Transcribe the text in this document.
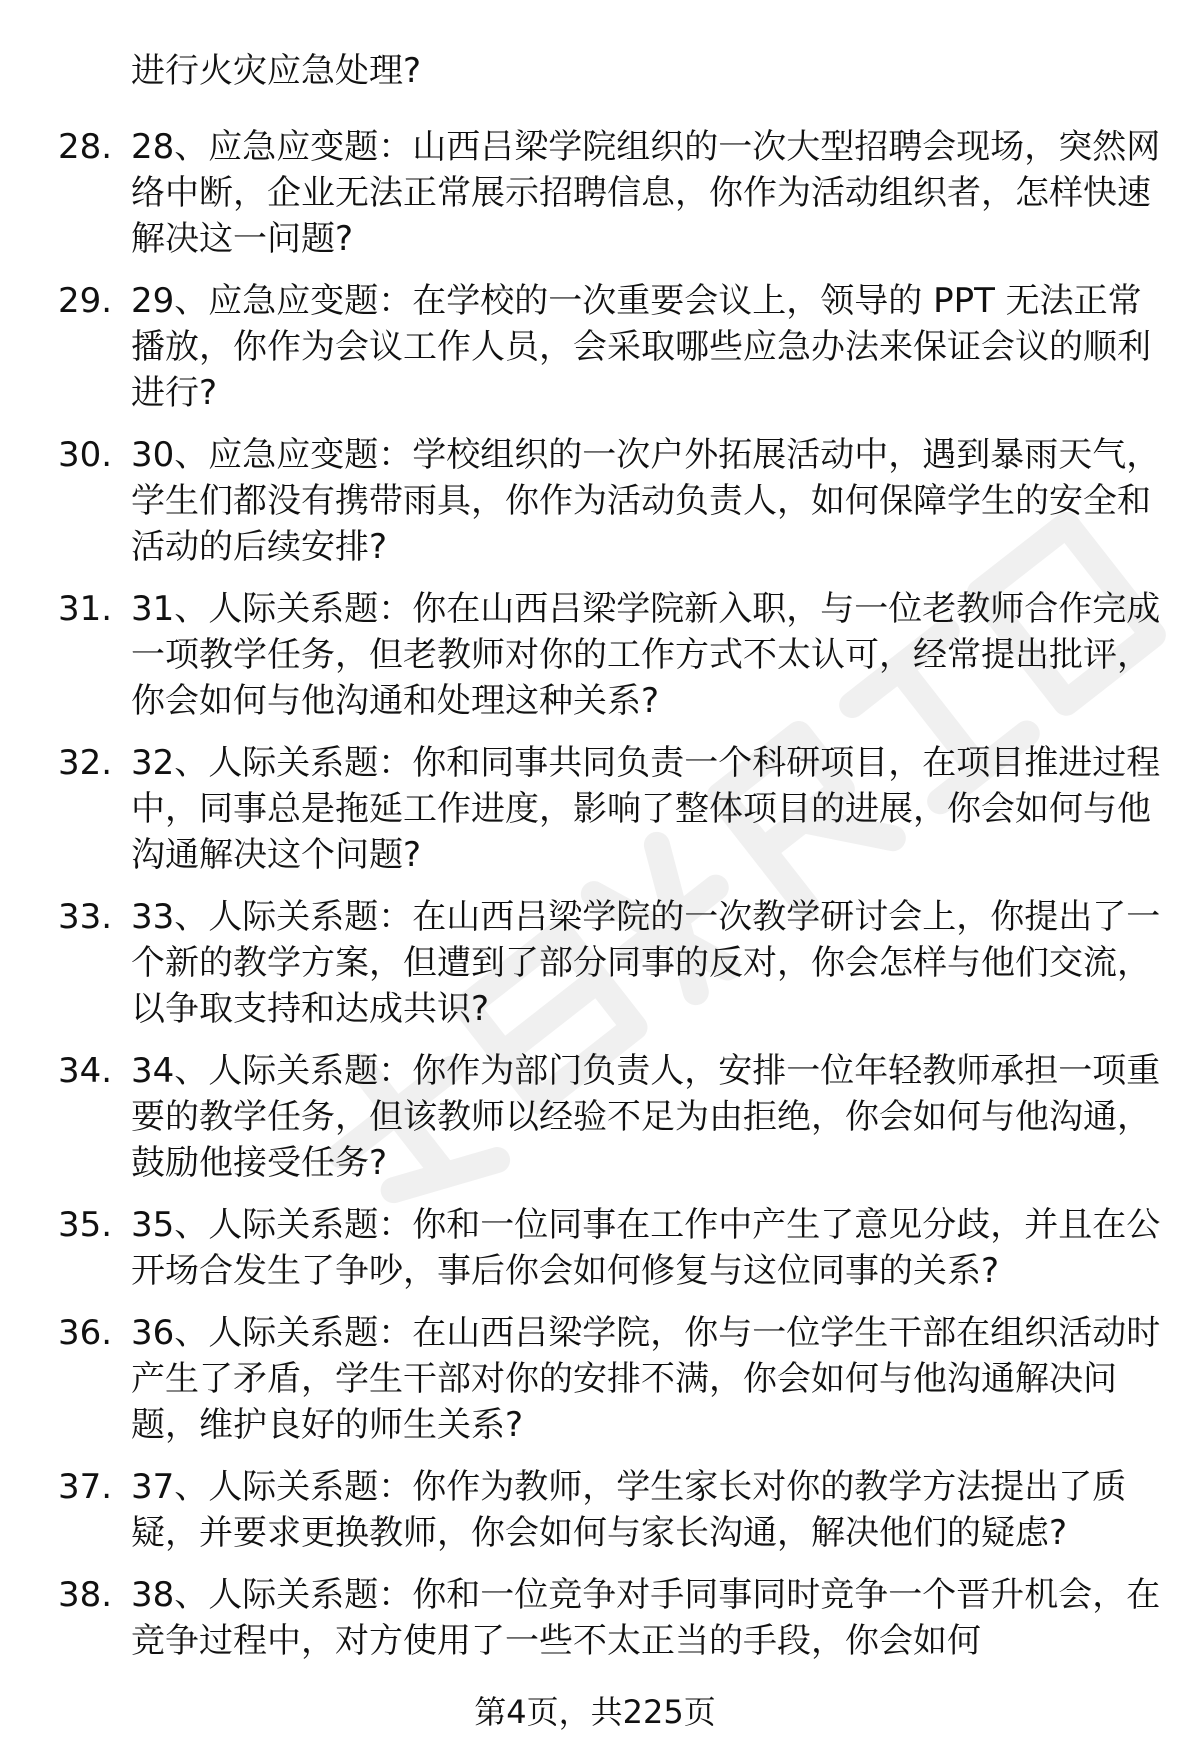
进行火灾应急处理?
28. 28、应急应变题：山西吕梁学院组织的一次大型招聘会现场，突然网络中断，企业无法正常展示招聘信息，你作为活动组织者，怎样快速解决这一问题?
29. 29、应急应变题：在学校的一次重要会议上，领导的 PPT 无法正常播放，你作为会议工作人员，会采取哪些应急办法来保证会议的顺利进行?
30. 30、应急应变题：学校组织的一次户外拓展活动中，遇到暴雨天气，学生们都没有携带雨具，你作为活动负责人，如何保障学生的安全和活动的后续安排?
31. 31、人际关系题：你在山西吕梁学院新入职，与一位老教师合作完成一项教学任务，但老教师对你的工作方式不太认可，经常提出批评，你会如何与他沟通和处理这种关系?
32. 32、人际关系题：你和同事共同负责一个科研项目，在项目推进过程中，同事总是拖延工作进度，影响了整体项目的进展，你会如何与他沟通解决这个问题?
33. 33、人际关系题：在山西吕梁学院的一次教学研讨会上，你提出了一个新的教学方案，但遭到了部分同事的反对，你会怎样与他们交流，以争取支持和达成共识?
34. 34、人际关系题：你作为部门负责人，安排一位年轻教师承担一项重要的教学任务，但该教师以经验不足为由拒绝，你会如何与他沟通，鼓励他接受任务?
35. 35、人际关系题：你和一位同事在工作中产生了意见分歧，并且在公开场合发生了争吵，事后你会如何修复与这位同事的关系?
36. 36、人际关系题：在山西吕梁学院，你与一位学生干部在组织活动时产生了矛盾，学生干部对你的安排不满，你会如何与他沟通解决问题，维护良好的师生关系?
37. 37、人际关系题：你作为教师，学生家长对你的教学方法提出了质疑，并要求更换教师，你会如何与家长沟通，解决他们的疑虑?
38. 38、人际关系题：你和一位竞争对手同事同时竞争一个晋升机会，在竞争过程中，对方使用了一些不太正当的手段，你会如何
第4页，共225页
